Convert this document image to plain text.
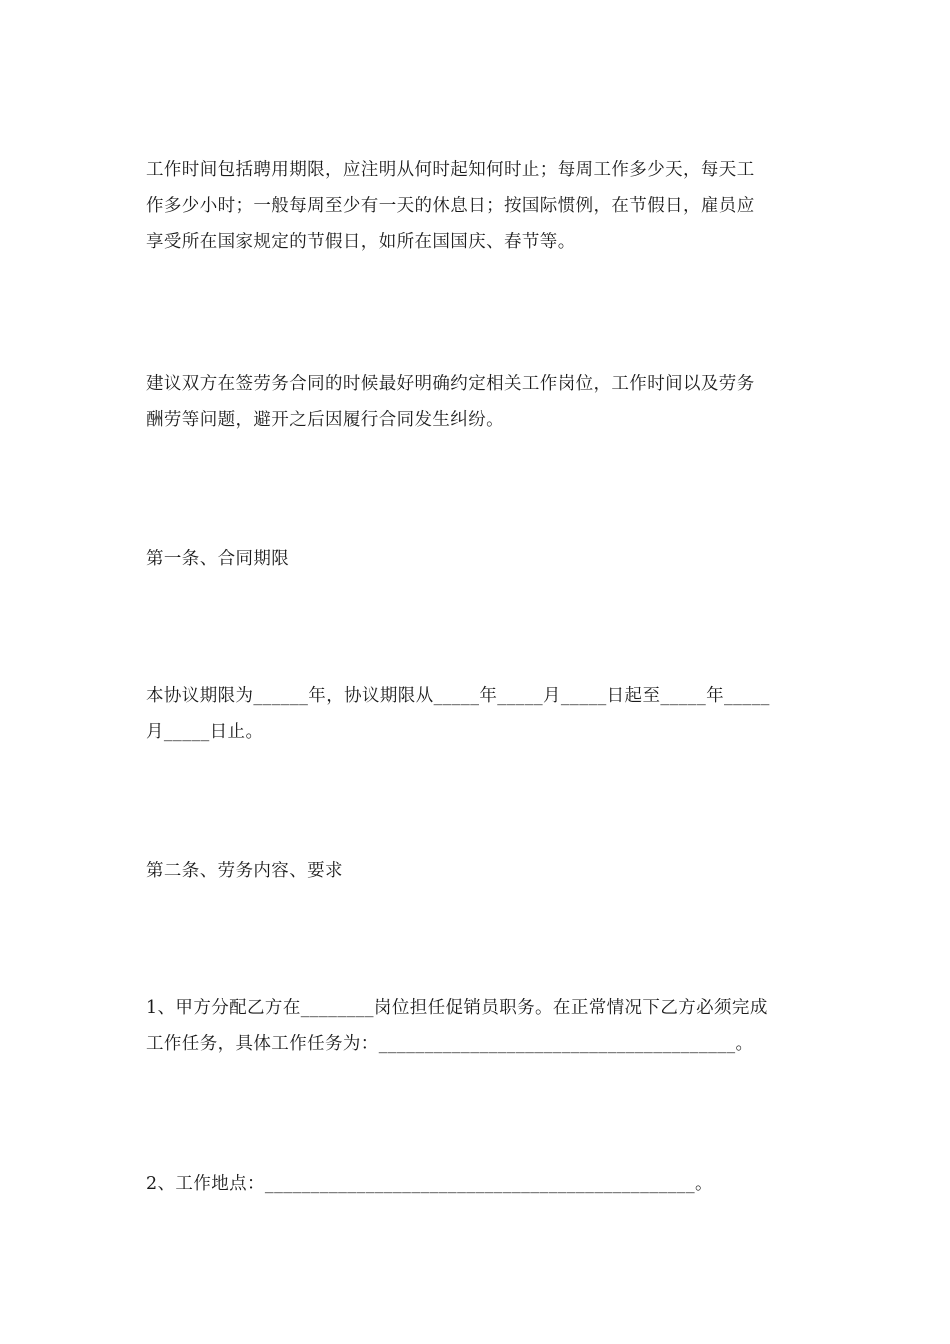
工作时间包括聘用期限，应注明从何时起知何时止；每周工作多少天，每天工
作多少小时；一般每周至少有一天的休息日；按国际惯例，在节假日，雇员应
享受所在国家规定的节假日，如所在国国庆、春节等。
建议双方在签劳务合同的时候最好明确约定相关工作岗位，工作时间以及劳务
酬劳等问题，避开之后因履行合同发生纠纷。
第一条、合同期限
本协议期限为______年，协议期限从_____年_____月_____日起至_____年_____
月_____日止。
第二条、劳务内容、要求
1、甲方分配乙方在________岗位担任促销员职务。在正常情况下乙方必须完成
工作任务，具体工作任务为：_______________________________________。
2、工作地点：_______________________________________________。
